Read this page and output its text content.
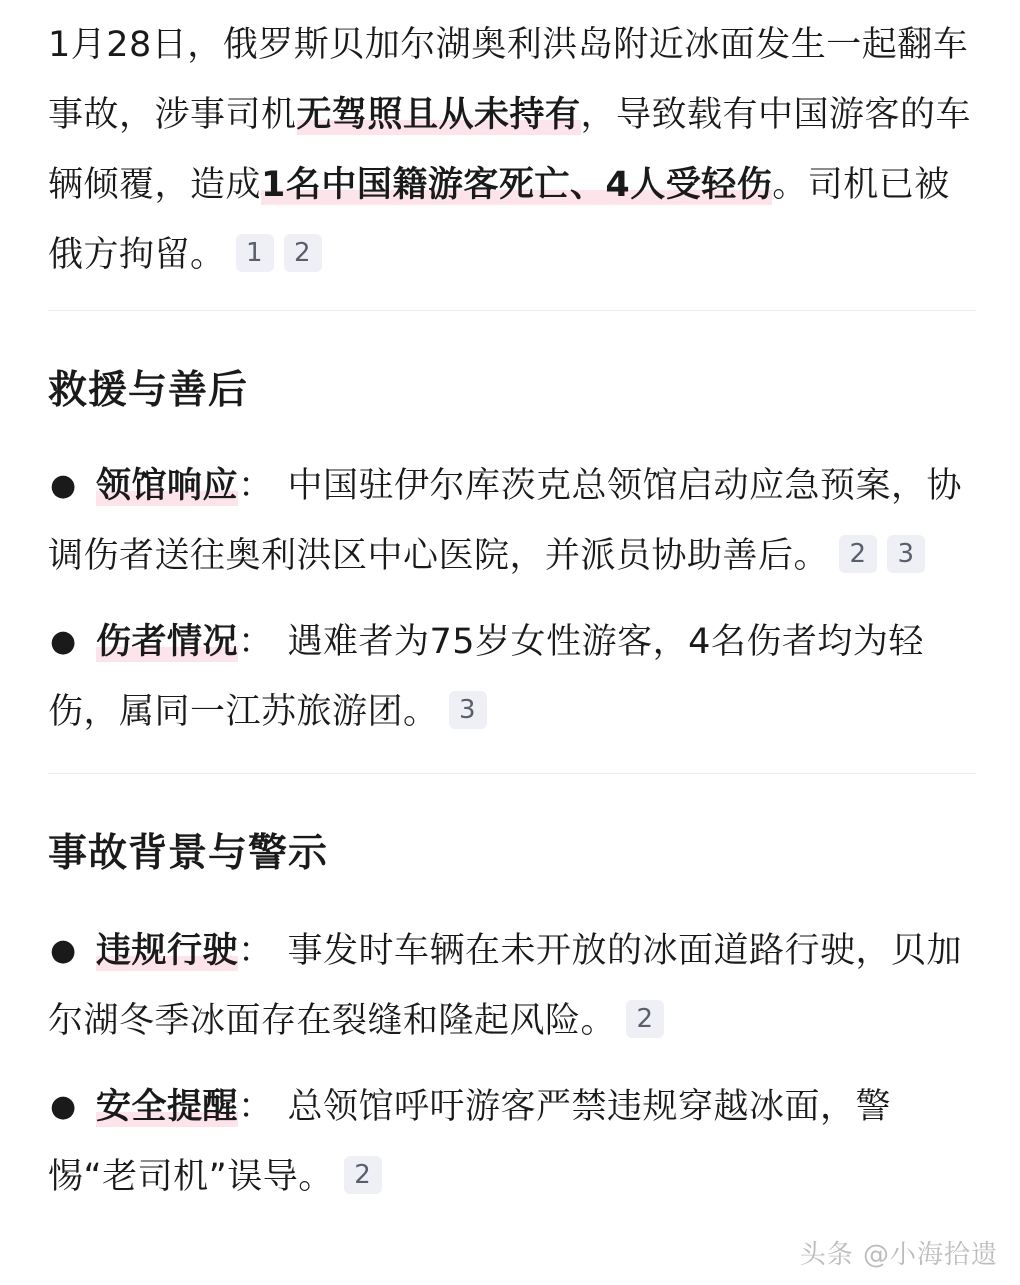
1月28日，俄罗斯贝加尔湖奥利洪岛附近冰面发生一起翻车事故，涉事司机无驾照且从未持有，导致载有中国游客的车辆倾覆，造成1名中国籍游客死亡、4人受轻伤。司机已被俄方拘留。 1 2

救援与善后
● 领馆响应： 中国驻伊尔库茨克总领馆启动应急预案，协调伤者送往奥利洪区中心医院，并派员协助善后。 2 3
● 伤者情况： 遇难者为75岁女性游客，4名伤者均为轻伤，属同一江苏旅游团。 3
事故背景与警示
● 违规行驶： 事发时车辆在未开放的冰面道路行驶，贝加尔湖冬季冰面存在裂缝和隆起风险。 2
● 安全提醒： 总领馆呼吁游客严禁违规穿越冰面，警惕“老司机”误导。 2
头条 @小海拾遗
